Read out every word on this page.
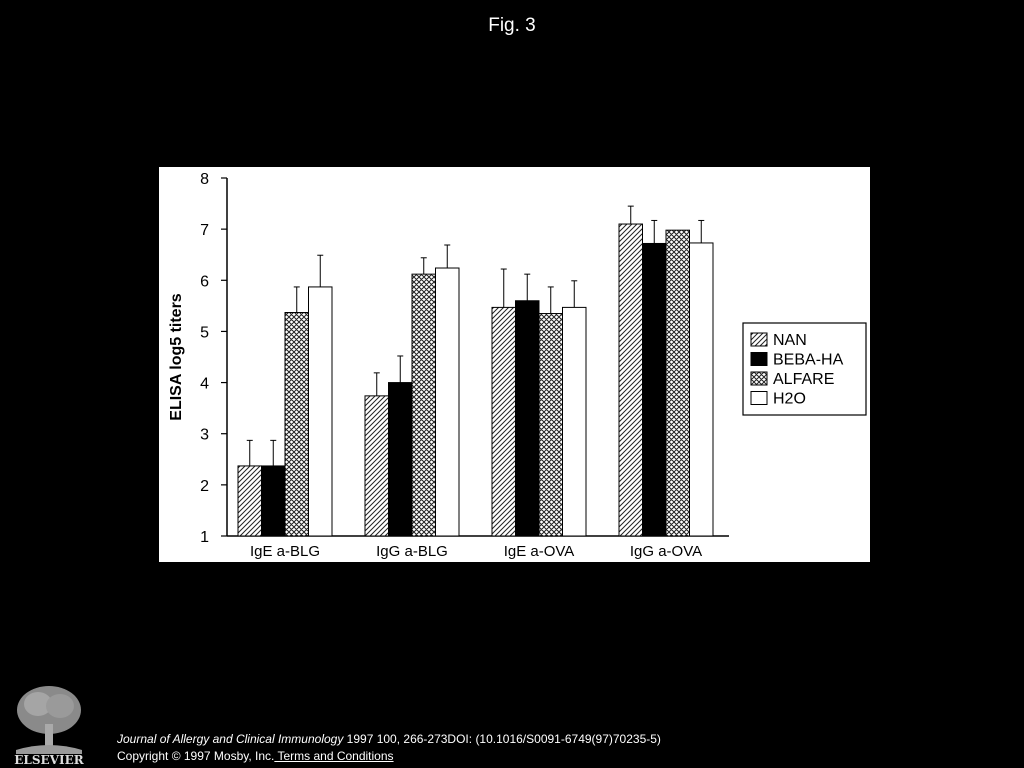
Fig. 3
1
2
3
4
5
6
7
8
ELISA log5 titers
IgE a-BLG	IgG a-BLG	IgE a-OVA	IgG a-OVA
NAN
BEBA-HA
ALFARE
H2O
ELSEVIER
Journal of Allergy and Clinical Immunology 1997 100, 266-273DOI: (10.1016/S0091-6749(97)70235-5)
Copyright © 1997 Mosby, Inc. Terms and Conditions
